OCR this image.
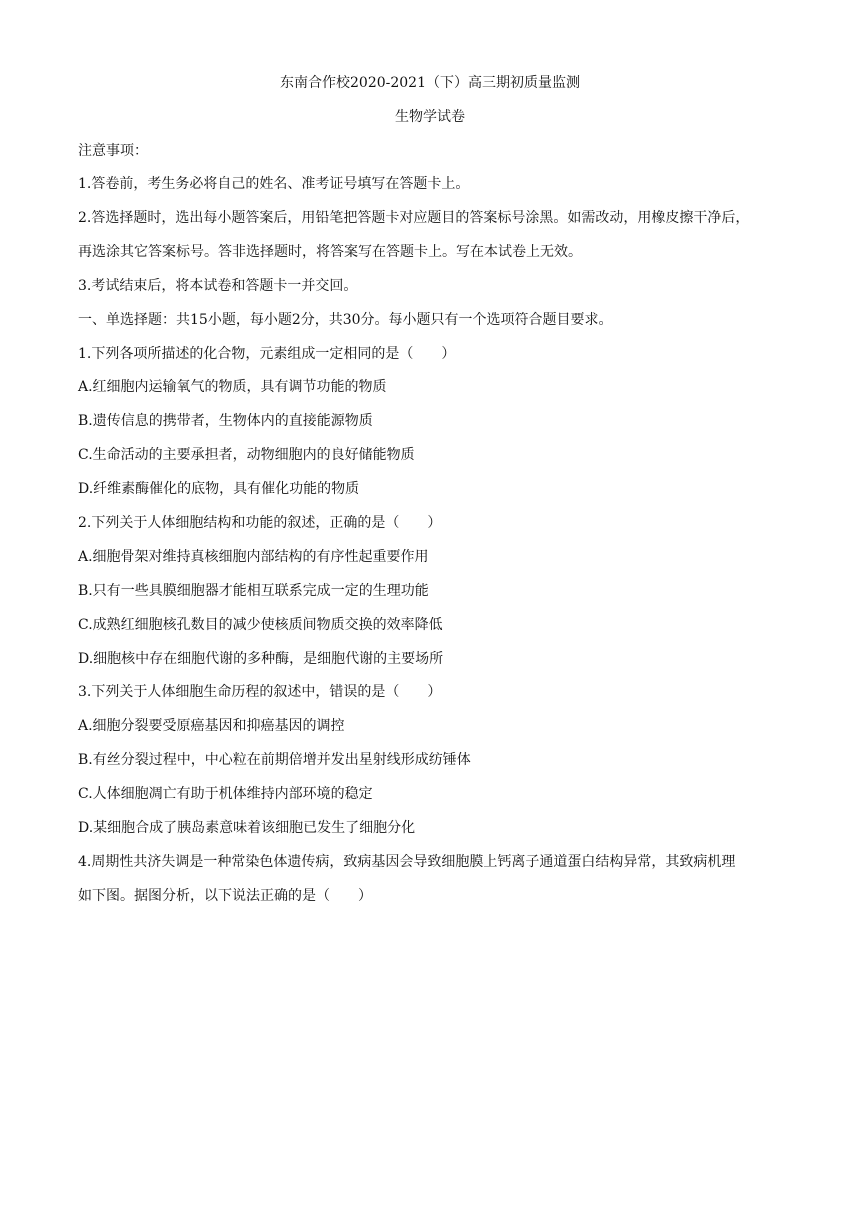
东南合作校2020-2021（下）高三期初质量监测
生物学试卷
注意事项：
1.答卷前，考生务必将自己的姓名、准考证号填写在答题卡上。
2.答选择题时，选出每小题答案后，用铅笔把答题卡对应题目的答案标号涂黑。如需改动，用橡皮擦干净后，
再选涂其它答案标号。答非选择题时，将答案写在答题卡上。写在本试卷上无效。
3.考试结束后，将本试卷和答题卡一并交回。
一、单选择题：共15小题，每小题2分，共30分。每小题只有一个选项符合题目要求。
1.下列各项所描述的化合物，元素组成一定相同的是（　　）
A.红细胞内运输氧气的物质，具有调节功能的物质
B.遗传信息的携带者，生物体内的直接能源物质
C.生命活动的主要承担者，动物细胞内的良好储能物质
D.纤维素酶催化的底物，具有催化功能的物质
2.下列关于人体细胞结构和功能的叙述，正确的是（　　）
A.细胞骨架对维持真核细胞内部结构的有序性起重要作用
B.只有一些具膜细胞器才能相互联系完成一定的生理功能
C.成熟红细胞核孔数目的减少使核质间物质交换的效率降低
D.细胞核中存在细胞代谢的多种酶，是细胞代谢的主要场所
3.下列关于人体细胞生命历程的叙述中，错误的是（　　）
A.细胞分裂要受原癌基因和抑癌基因的调控
B.有丝分裂过程中，中心粒在前期倍增并发出星射线形成纺锤体
C.人体细胞凋亡有助于机体维持内部环境的稳定
D.某细胞合成了胰岛素意味着该细胞已发生了细胞分化
4.周期性共济失调是一种常染色体遗传病，致病基因会导致细胞膜上钙离子通道蛋白结构异常，其致病机理
如下图。据图分析，以下说法正确的是（　　）
